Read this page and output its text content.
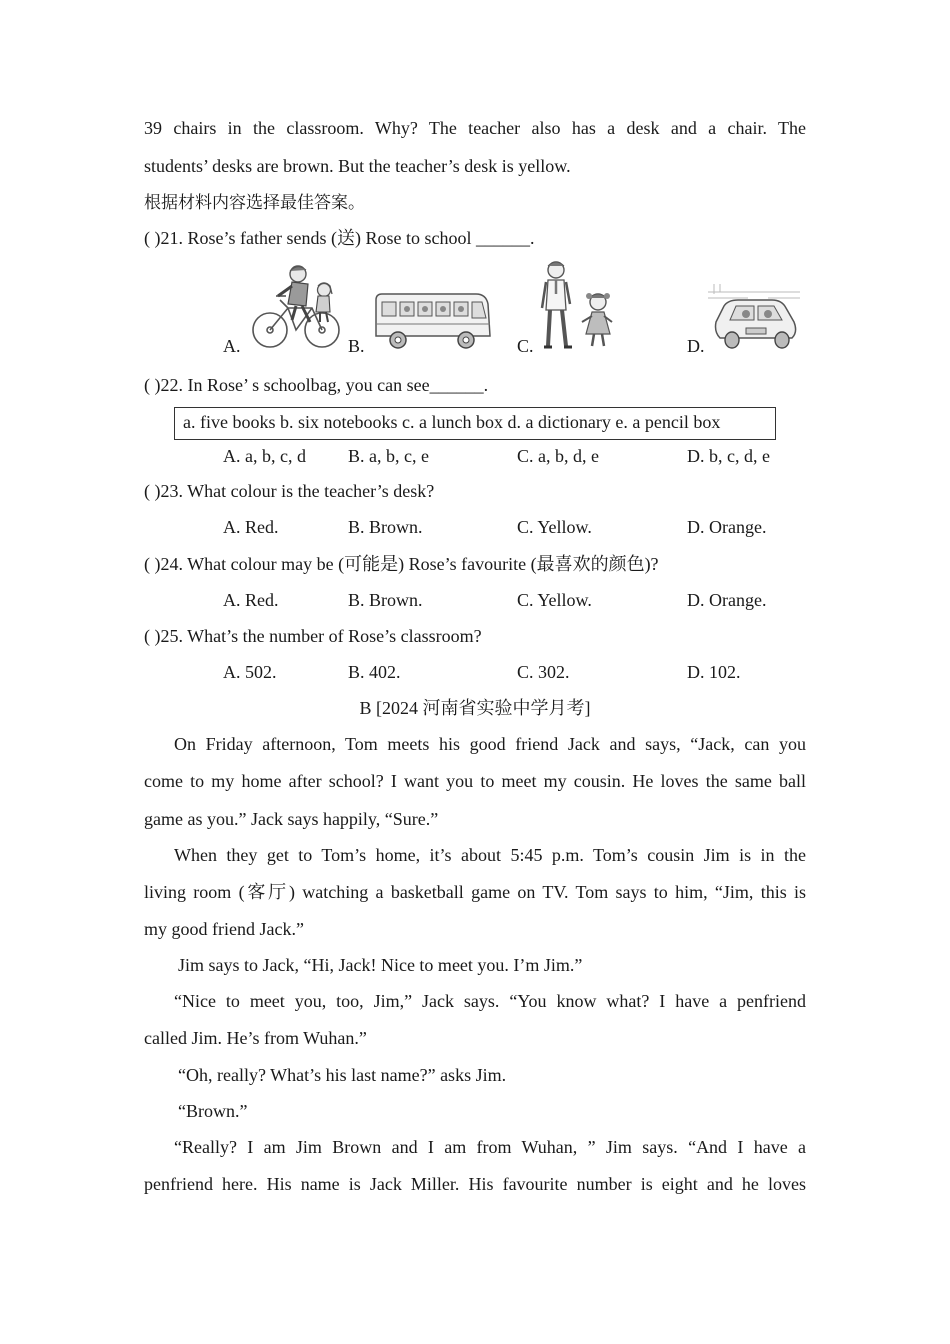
39 chairs in the classroom. Why? The teacher also has a desk and a chair. The
students’ desks are brown. But the teacher’s desk is yellow.
根据材料内容选择最佳答案。
( )21. Rose’s father sends (送) Rose to school ______.
A.	B.	C.	D.
( )22. In Rose’ s schoolbag, you can see______.
a. five books b. six notebooks c. a lunch box d. a dictionary e. a pencil box
A. a, b, c, d B. a, b, c, e	C. a, b, d, e	D. b, c, d, e
( )23. What colour is the teacher’s desk?
A. Red.	B. Brown.	C. Yellow.	D. Orange.
( )24. What colour may be (可能是) Rose’s favourite (最喜欢的颜色)?
A. Red.	B. Brown.	C. Yellow.	D. Orange.
( )25. What’s the number of Rose’s classroom?
A. 502.	B. 402.	C. 302.	D. 102.
B [2024 河南省实验中学月考]
On Friday afternoon, Tom meets his good friend Jack and says, “Jack, can you
come to my home after school? I want you to meet my cousin. He loves the same ball
game as you.” Jack says happily, “Sure.”
When they get to Tom’s home, it’s about 5:45 p.m. Tom’s cousin Jim is in the
living room (客厅) watching a basketball game on TV. Tom says to him, “Jim, this is
my good friend Jack.”
Jim says to Jack, “Hi, Jack! Nice to meet you. I’m Jim.”
“Nice to meet you, too, Jim,” Jack says. “You know what? I have a penfriend
called Jim. He’s from Wuhan.”
“Oh, really? What’s his last name?” asks Jim.
“Brown.”
“Really? I am Jim Brown and I am from Wuhan, ” Jim says. “And I have a
penfriend here. His name is Jack Miller. His favourite number is eight and he loves
